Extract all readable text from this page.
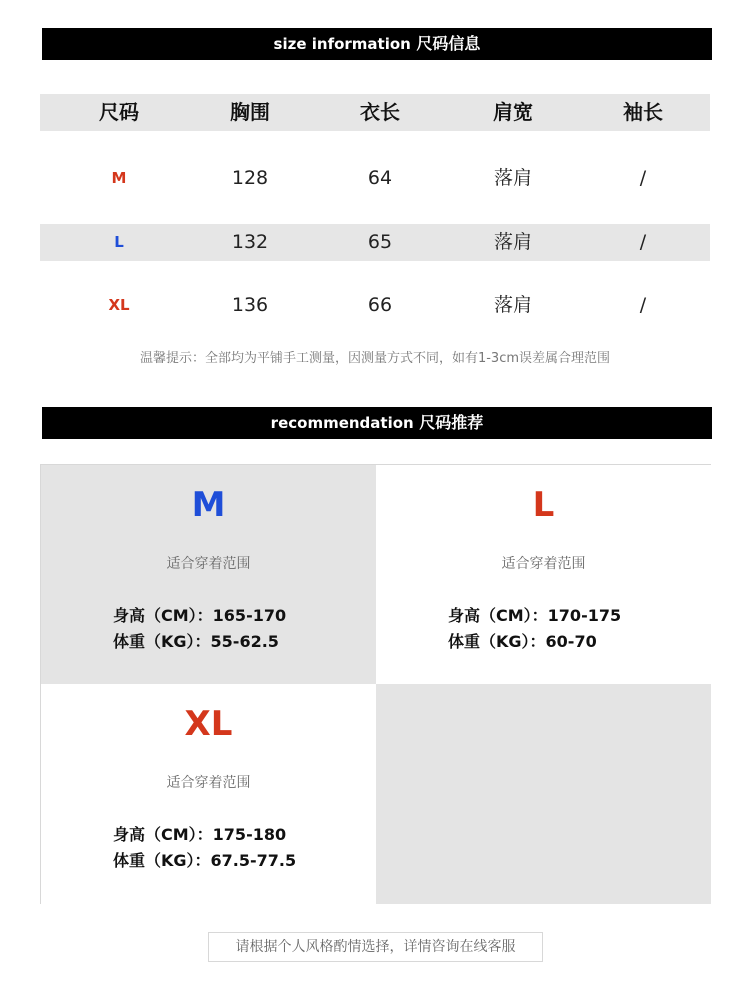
size information 尺码信息
尺码	胸围	衣长	肩宽	袖长
M	128	64	落肩	/
L	132	65	落肩	/
XL	136	66	落肩	/
温馨提示：全部均为平铺手工测量，因测量方式不同，如有1-3cm误差属合理范围
recommendation 尺码推荐
M
适合穿着范围
身高（CM）：165-170
体重（KG）：55-62.5
L
适合穿着范围
身高（CM）：170-175
体重（KG）：60-70
XL
适合穿着范围
身高（CM）：175-180
体重（KG）：67.5-77.5
请根据个人风格酌情选择，详情咨询在线客服
